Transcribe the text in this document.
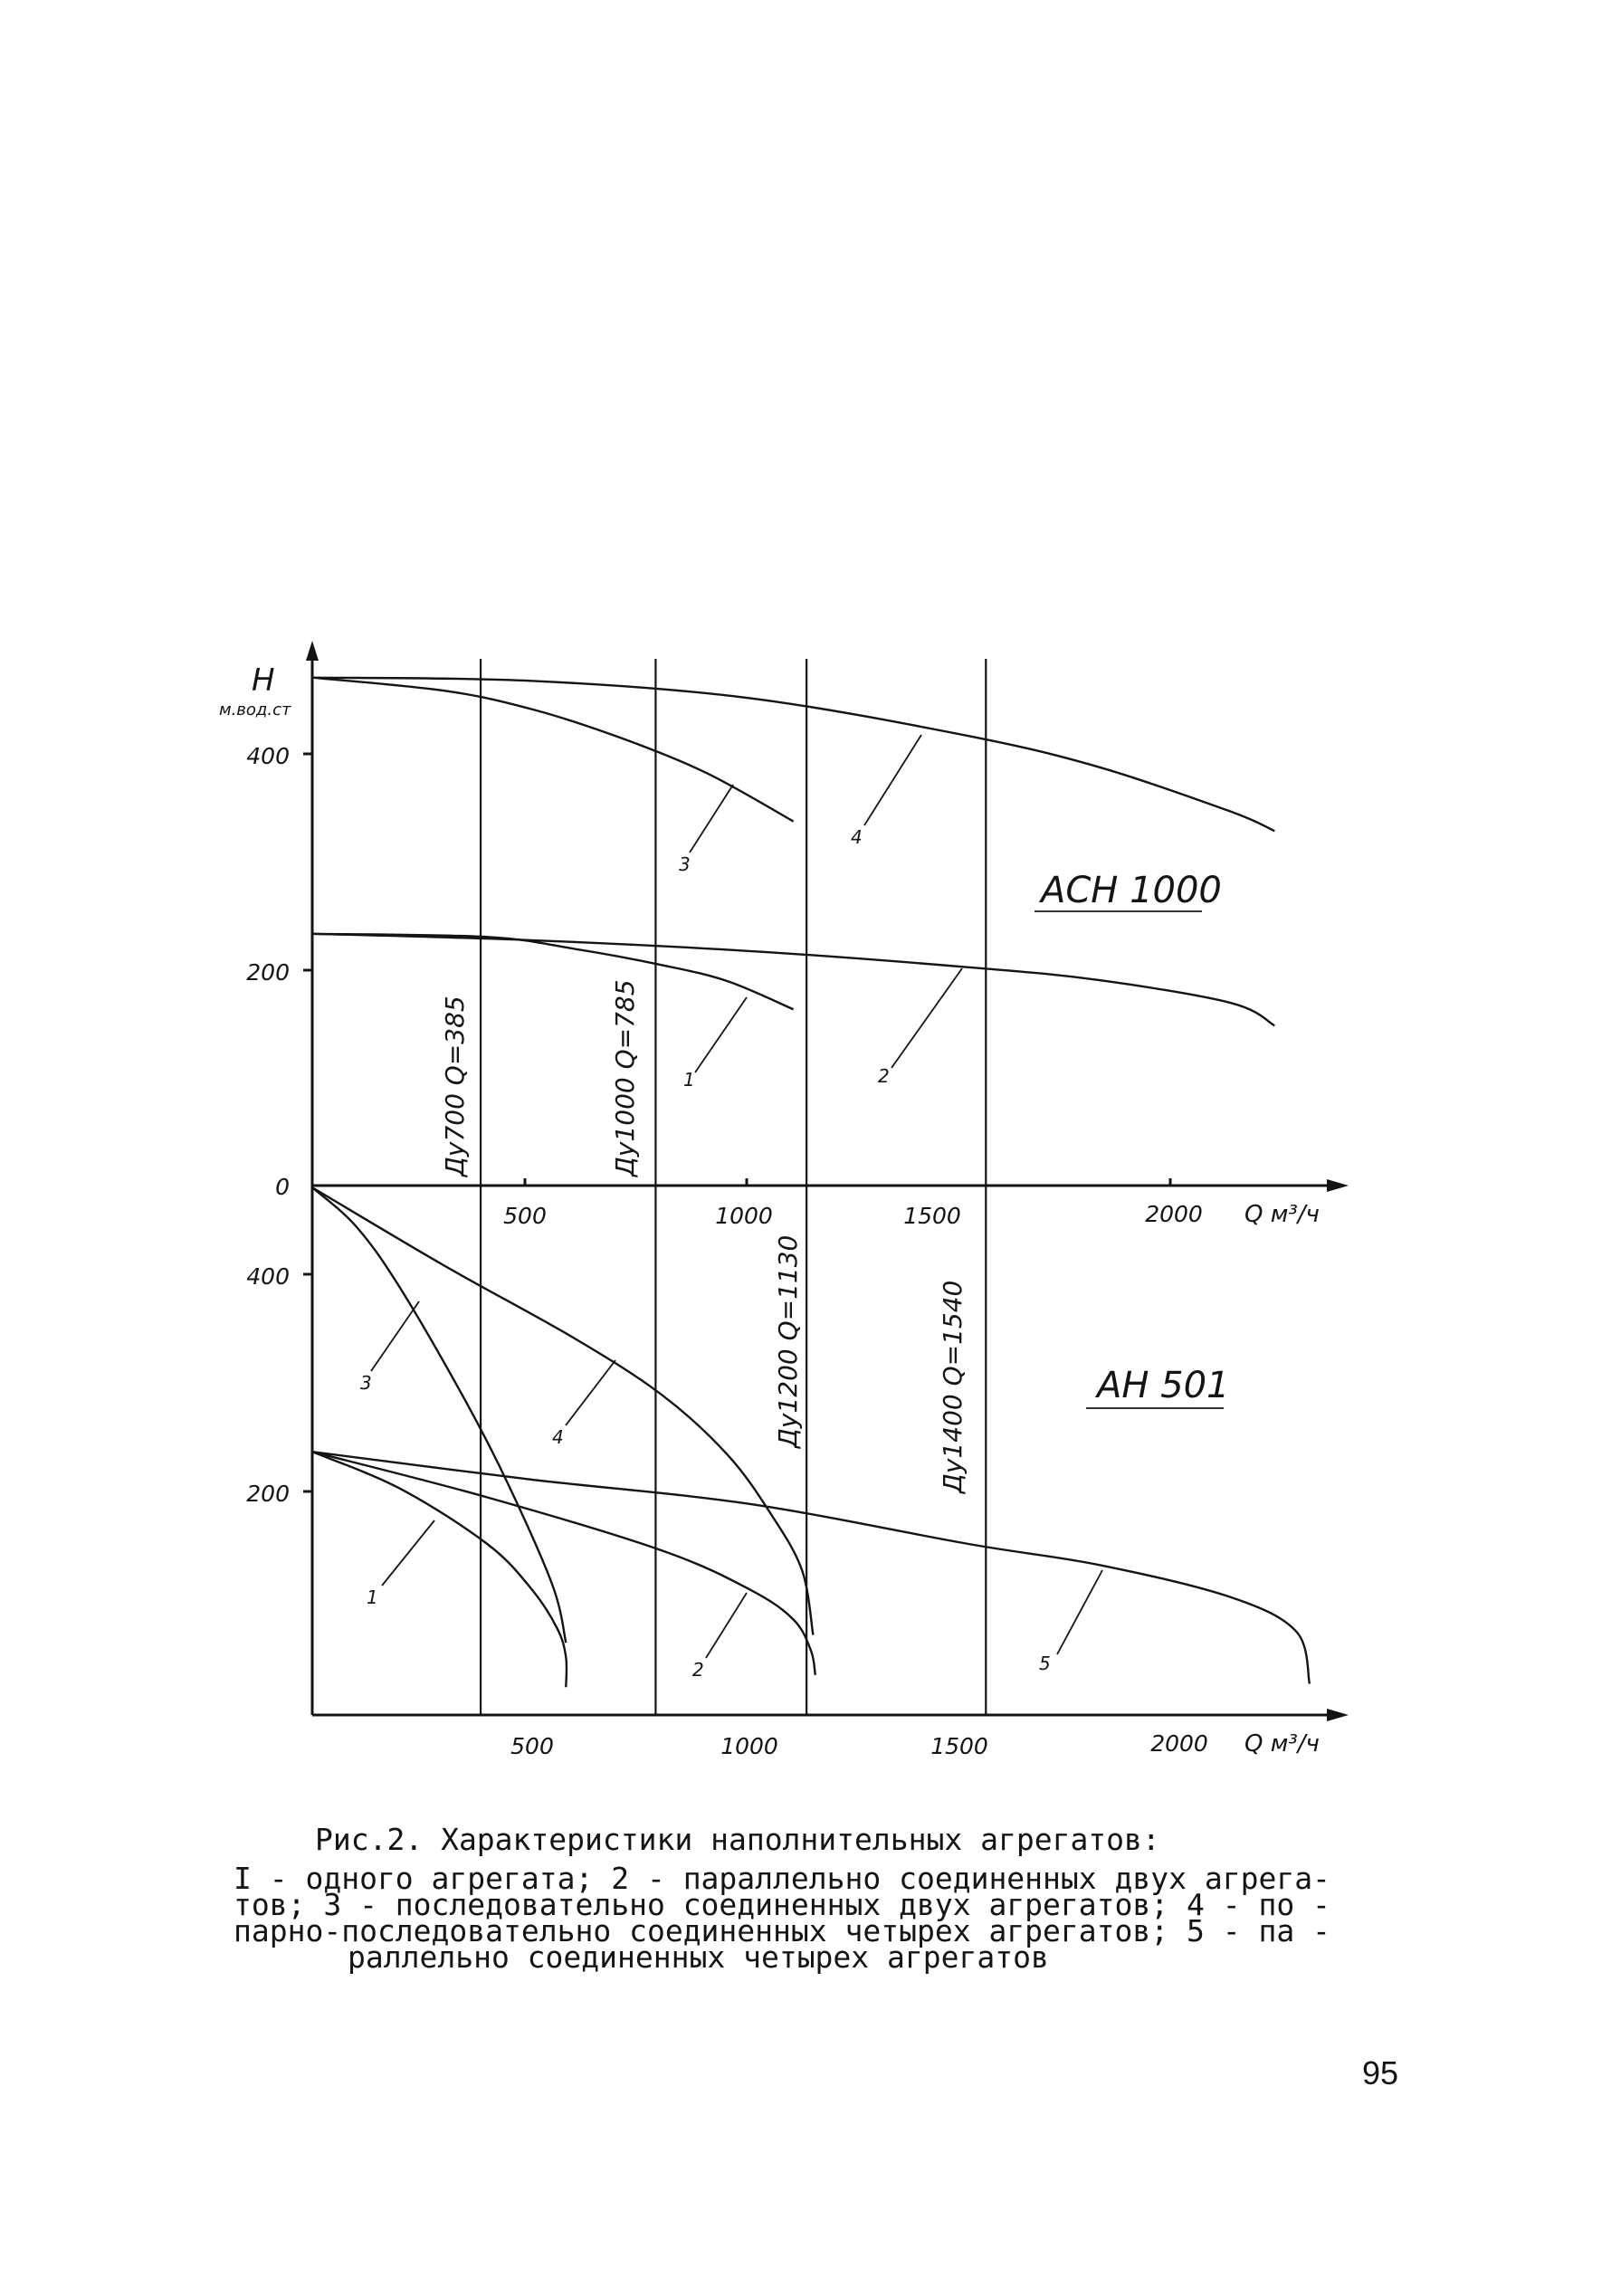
H
м.вод.ст
400
200
0
400
200
500	1000	1500	2000 Q м³/ч
500	1000	1500	2000 Q м³/ч
Ду700 Q=385	Ду1000 Q=785
Ду1200 Q=1130	Ду1400 Q=1540
АСН 1000
АН 501
1	2
3
4
1
2
3
4
5
Рис.2. Характеристики наполнительных агрегатов:
I - одного агрегата; 2 - параллельно соединенных двух агрега-
тов; 3 - последовательно соединенных двух агрегатов; 4 - по -
парно-последовательно соединенных четырех агрегатов; 5 - па -
раллельно соединенных четырех агрегатов
95
